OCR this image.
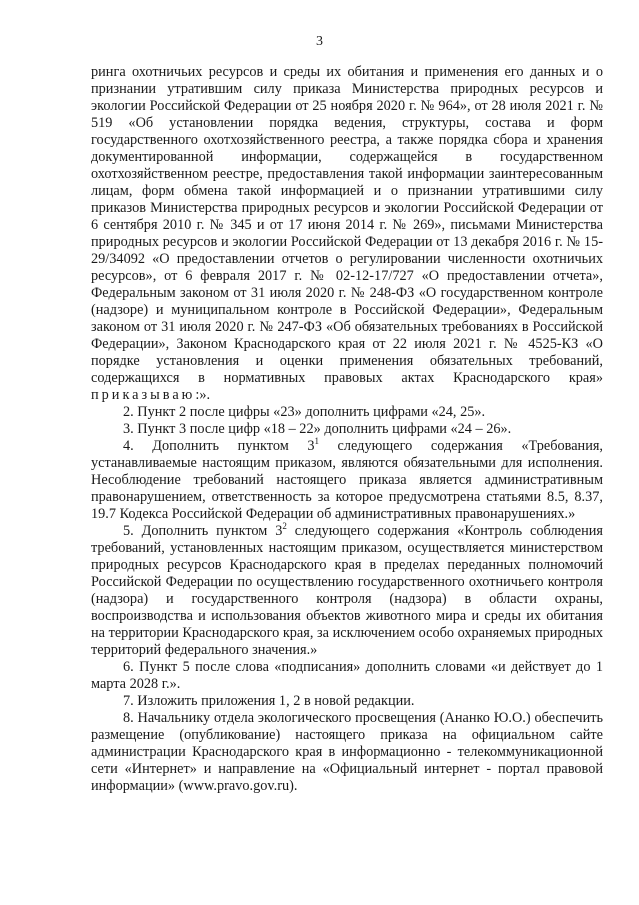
3

ринга охотничьих ресурсов и среды их обитания и применения его данных и о признании утратившим силу приказа Министерства природных ресурсов и экологии Российской Федерации от 25 ноября 2020 г. № 964», от 28 июля 2021 г. № 519 «Об установлении порядка ведения, структуры, состава и форм государственного охотхозяйственного реестра, а также порядка сбора и хранения документированной информации, содержащейся в государственном охотхозяйственном реестре, предоставления такой информации заинтересованным лицам, форм обмена такой информацией и о признании утратившими силу приказов Министерства природных ресурсов и экологии Российской Федерации от 6 сентября 2010 г. № 345 и от 17 июня 2014 г. № 269», письмами Министерства природных ресурсов и экологии Российской Федерации от 13 декабря 2016 г. № 15-29/34092 «О предоставлении отчетов о регулировании численности охотничьих ресурсов», от 6 февраля 2017 г. № 02-12-17/727 «О предоставлении отчета», Федеральным законом от 31 июля 2020 г. № 248-ФЗ «О государственном контроле (надзоре) и муниципальном контроле в Российской Федерации», Федеральным законом от 31 июля 2020 г. № 247-ФЗ «Об обязательных требованиях в Российской Федерации», Законом Краснодарского края от 22 июля 2021 г. № 4525-КЗ «О порядке установления и оценки применения обязательных требований, содержащихся в нормативных правовых актах Краснодарского края» приказываю:».

2. Пункт 2 после цифры «23» дополнить цифрами «24, 25».

3. Пункт 3 после цифр «18 – 22» дополнить цифрами «24 – 26».

4. Дополнить пунктом $3^1$ следующего содержания «Требования, устанавливаемые настоящим приказом, являются обязательными для исполнения. Несоблюдение требований настоящего приказа является административным правонарушением, ответственность за которое предусмотрена статьями 8.5, 8.37, 19.7 Кодекса Российской Федерации об административных правонарушениях.»

5. Дополнить пунктом $3^2$ следующего содержания «Контроль соблюдения требований, установленных настоящим приказом, осуществляется министерством природных ресурсов Краснодарского края в пределах переданных полномочий Российской Федерации по осуществлению государственного охотничьего контроля (надзора) и государственного контроля (надзора) в области охраны, воспроизводства и использования объектов животного мира и среды их обитания на территории Краснодарского края, за исключением особо охраняемых природных территорий федерального значения.»

6. Пункт 5 после слова «подписания» дополнить словами «и действует до 1 марта 2028 г.».

7. Изложить приложения 1, 2 в новой редакции.

8. Начальнику отдела экологического просвещения (Ананко Ю.О.) обеспечить размещение (опубликование) настоящего приказа на официальном сайте администрации Краснодарского края в информационно - телекоммуникационной сети «Интернет» и направление на «Официальный интернет - портал правовой информации» (www.pravo.gov.ru).
